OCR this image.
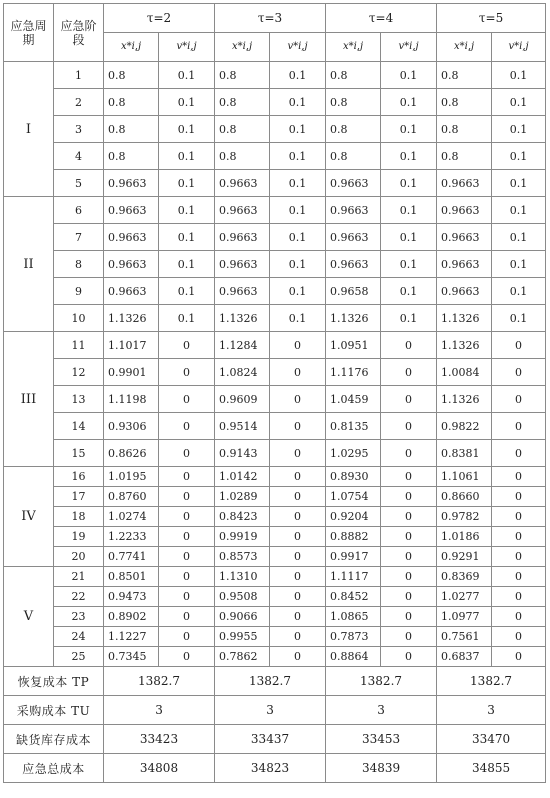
应急周期	应急阶段	τ=2		τ=3		τ=4		τ=5	
		x*i,j	v*i,j	x*i,j	v*i,j	x*i,j	v*i,j	x*i,j	v*i,j
I	1	0.8	0.1	0.8	0.1	0.8	0.1	0.8	0.1
	2	0.8	0.1	0.8	0.1	0.8	0.1	0.8	0.1
	3	0.8	0.1	0.8	0.1	0.8	0.1	0.8	0.1
	4	0.8	0.1	0.8	0.1	0.8	0.1	0.8	0.1
	5	0.9663	0.1	0.9663	0.1	0.9663	0.1	0.9663	0.1
II	6	0.9663	0.1	0.9663	0.1	0.9663	0.1	0.9663	0.1
	7	0.9663	0.1	0.9663	0.1	0.9663	0.1	0.9663	0.1
	8	0.9663	0.1	0.9663	0.1	0.9663	0.1	0.9663	0.1
	9	0.9663	0.1	0.9663	0.1	0.9658	0.1	0.9663	0.1
	10	1.1326	0.1	1.1326	0.1	1.1326	0.1	1.1326	0.1
III	11	1.1017	0	1.1284	0	1.0951	0	1.1326	0
	12	0.9901	0	1.0824	0	1.1176	0	1.0084	0
	13	1.1198	0	0.9609	0	1.0459	0	1.1326	0
	14	0.9306	0	0.9514	0	0.8135	0	0.9822	0
	15	0.8626	0	0.9143	0	1.0295	0	0.8381	0
IV	16	1.0195	0	1.0142	0	0.8930	0	1.1061	0
	17	0.8760	0	1.0289	0	1.0754	0	0.8660	0
	18	1.0274	0	0.8423	0	0.9204	0	0.9782	0
	19	1.2233	0	0.9919	0	0.8882	0	1.0186	0
	20	0.7741	0	0.8573	0	0.9917	0	0.9291	0
V	21	0.8501	0	1.1310	0	1.1117	0	0.8369	0
	22	0.9473	0	0.9508	0	0.8452	0	1.0277	0
	23	0.8902	0	0.9066	0	1.0865	0	1.0977	0
	24	1.1227	0	0.9955	0	0.7873	0	0.7561	0
	25	0.7345	0	0.7862	0	0.8864	0	0.6837	0
恢复成本 TP		1382.7		1382.7		1382.7		1382.7	
采购成本 TU		3		3		3		3	
缺货库存成本		33423		33437		33453		33470	
应急总成本		34808		34823		34839		34855	
